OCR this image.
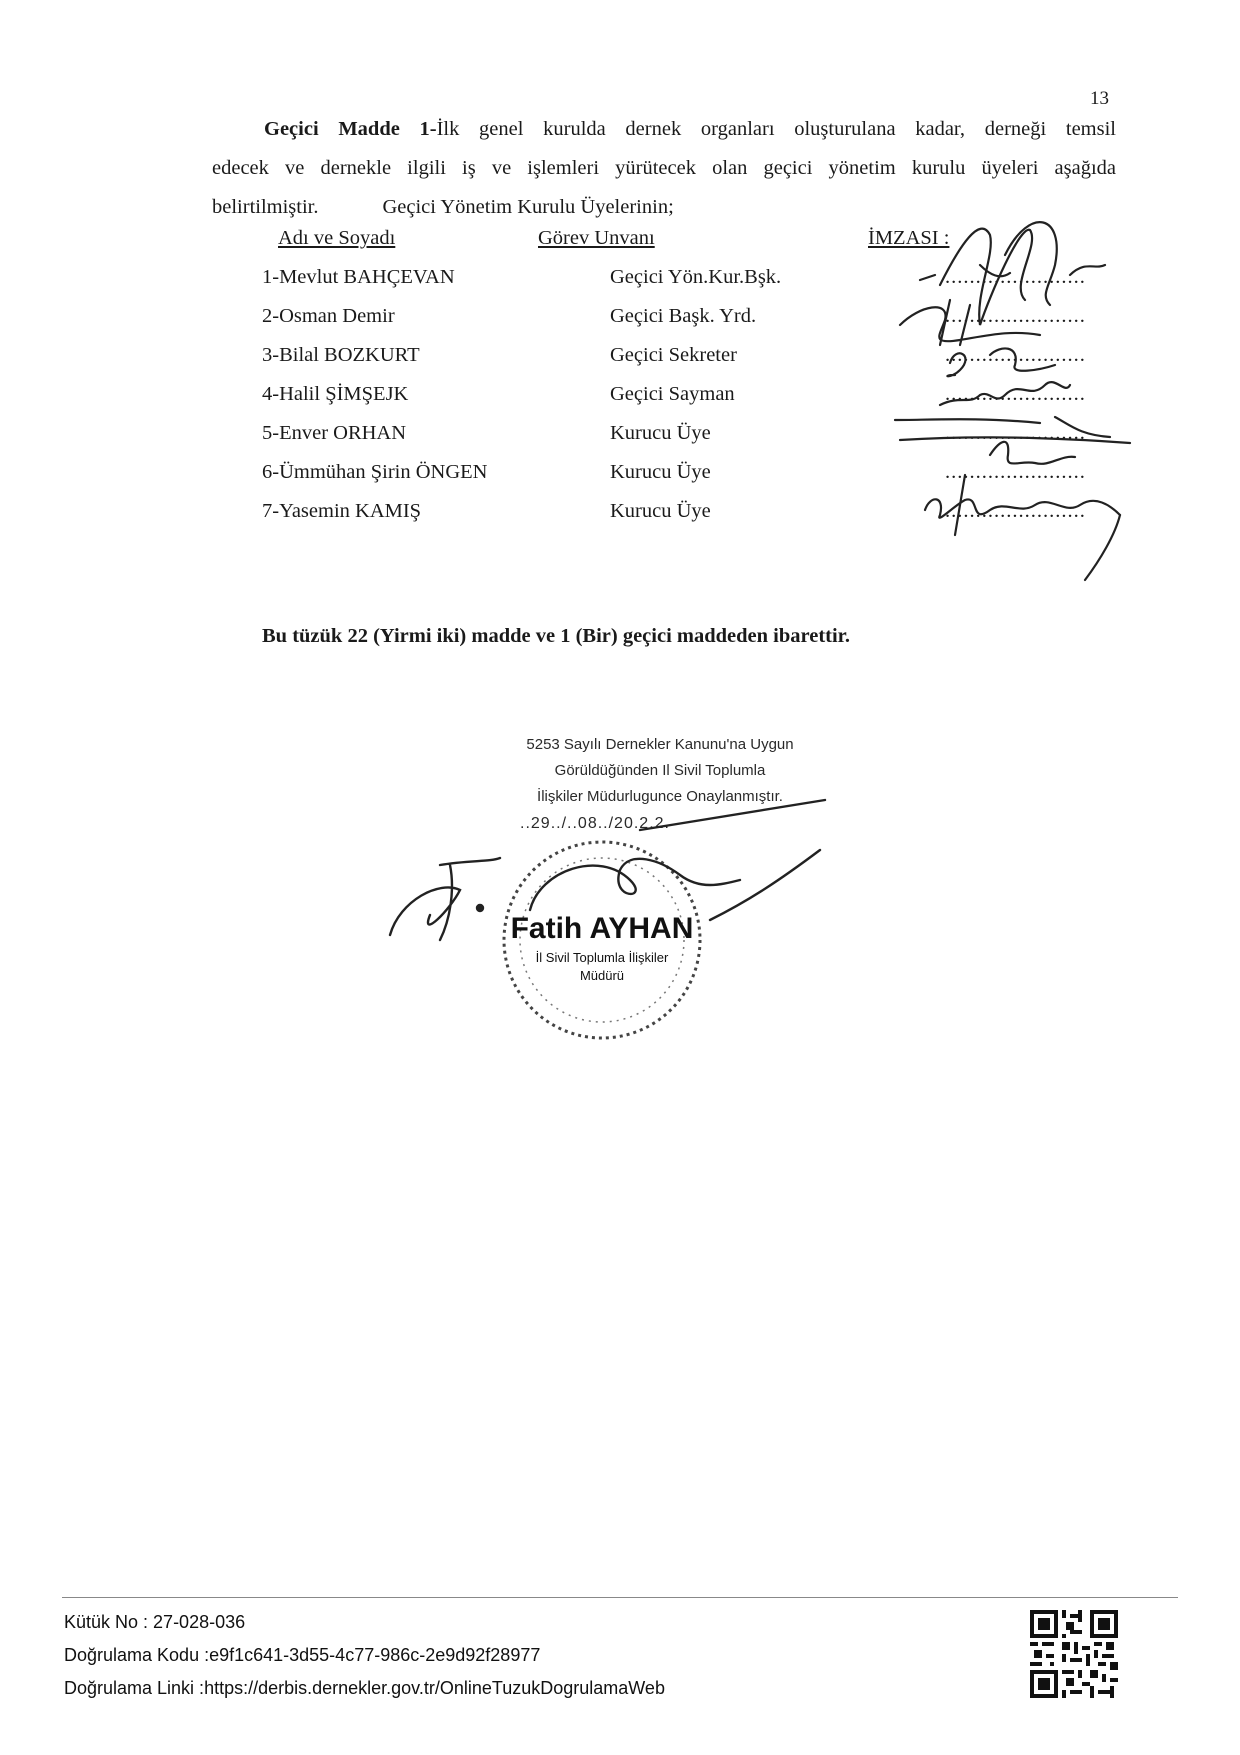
13

Geçici Madde 1-İlk genel kurulda dernek organları oluşturulana kadar, derneği temsil

edecek ve dernekle ilgili iş ve işlemleri yürütecek olan geçici yönetim kurulu üyeleri aşağıda

belirtilmiştir.	Geçici Yönetim Kurulu Üyelerinin;

Adı ve Soyadı	Görev Unvanı	İMZASI :
1-Mevlut BAHÇEVAN	Geçici Yön.Kur.Bşk.	.......................
2-Osman Demir	Geçici Başk. Yrd.	.......................
3-Bilal BOZKURT	Geçici Sekreter	.......................
4-Halil ŞİMŞEJK	Geçici Sayman	.......................
5-Enver ORHAN	Kurucu Üye	.......................
6-Ümmühan Şirin ÖNGEN	Kurucu Üye	.......................
7-Yasemin KAMIŞ	Kurucu Üye	.......................
Bu tüzük 22 (Yirmi iki) madde ve 1 (Bir) geçici maddeden ibarettir.
5253 Sayılı Dernekler Kanunu'na Uygun
Görüldüğünden Il Sivil Toplumla
İlişkiler Müdurlugunce Onaylanmıştır.
..29../..08../20.2.2.
Fatih AYHAN
İl Sivil Toplumla İlişkiler
Müdürü
Kütük No : 27-028-036
Doğrulama Kodu :e9f1c641-3d55-4c77-986c-2e9d92f28977
Doğrulama Linki :https://derbis.dernekler.gov.tr/OnlineTuzukDogrulamaWeb
